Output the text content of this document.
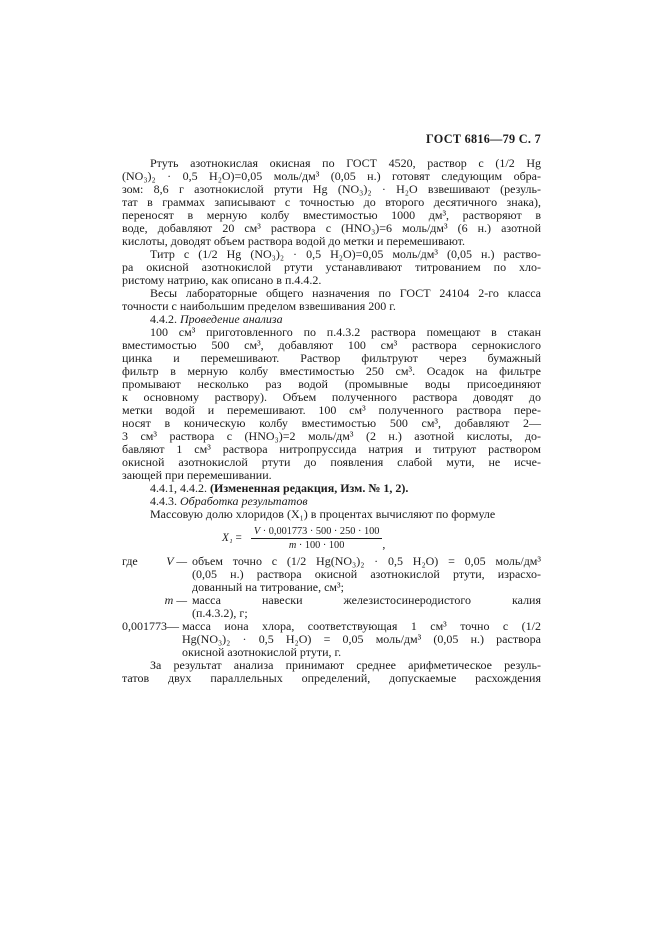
ГОСТ 6816—79 С. 7
Ртуть азотнокислая окисная по ГОСТ 4520, раствор c (1/2 Hg
(NO₃)₂ · 0,5 H₂O)=0,05 моль/дм³ (0,05 н.) готовят следующим обра-
зом: 8,6 г азотнокислой ртути Hg (NO₃)₂ · H₂O взвешивают (резуль-
тат в граммах записывают с точностью до второго десятичного знака),
переносят в мерную колбу вместимостью 1000 дм³, растворяют в
воде, добавляют 20 см³ раствора c (HNO₃)=6 моль/дм³ (6 н.) азотной
кислоты, доводят объем раствора водой до метки и перемешивают.
Титр c (1/2 Hg (NO₃)₂ · 0,5 H₂O)=0,05 моль/дм³ (0,05 н.) раство-
ра окисной азотнокислой ртути устанавливают титрованием по хло-
ристому натрию, как описано в п.4.4.2.
Весы лабораторные общего назначения по ГОСТ 24104 2-го класса
точности с наибольшим пределом взвешивания 200 г.
4.4.2. Проведение анализа
100 см³ приготовленного по п.4.3.2 раствора помещают в стакан
вместимостью 500 см³, добавляют 100 см³ раствора сернокислого
цинка и перемешивают. Раствор фильтруют через бумажный
фильтр в мерную колбу вместимостью 250 см³. Осадок на фильтре
промывают несколько раз водой (промывные воды присоединяют
к основному раствору). Объем полученного раствора доводят до
метки водой и перемешивают. 100 см³ полученного раствора пере-
носят в коническую колбу вместимостью 500 см³, добавляют 2—
3 см³ раствора c (HNO₃)=2 моль/дм³ (2 н.) азотной кислоты, до-
бавляют 1 см³ раствора нитропруссида натрия и титруют раствором
окисной азотнокислой ртути до появления слабой мути, не исче-
зающей при перемешивании.
4.4.1, 4.4.2. (Измененная редакция, Изм. № 1, 2).
4.4.3. Обработка результатов
Массовую долю хлоридов (X₁) в процентах вычисляют по формуле
$X_1 = \frac{V \cdot 0,001773 \cdot 500 \cdot 250 \cdot 100}{m \cdot 100 \cdot 100}$ ,
где V — объем точно c (1/2 Hg(NO₃)₂ · 0,5 H₂O) = 0,05 моль/дм³
(0,05 н.) раствора окисной азотнокислой ртути, израсхо-
дованный на титрование, см³;
m — масса навески железистосинеродистого калия
(п.4.3.2), г;
0,001773— масса иона хлора, соответствующая 1 см³ точно c (1/2
Hg(NO₃)₂ · 0,5 H₂O) = 0,05 моль/дм³ (0,05 н.) раствора
окисной азотнокислой ртути, г.
За результат анализа принимают среднее арифметическое резуль-
татов двух параллельных определений, допускаемые расхождения
